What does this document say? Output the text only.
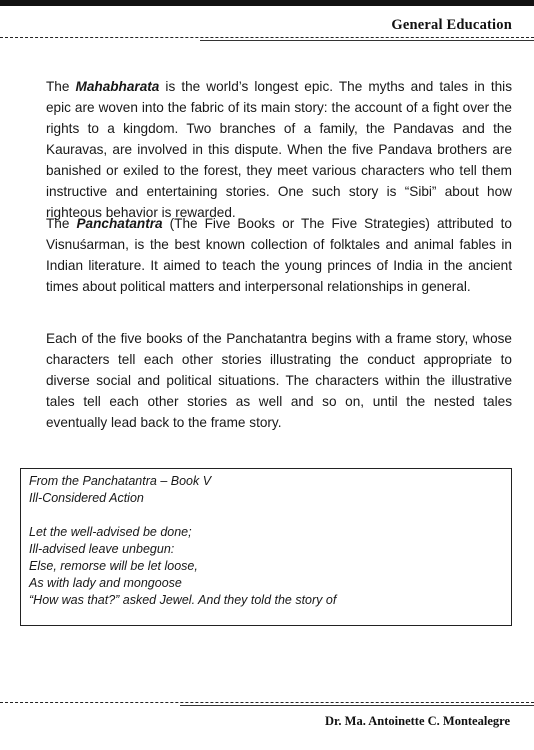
General Education

The Mahabharata is the world’s longest epic. The myths and tales in this epic are woven into the fabric of its main story: the account of a fight over the rights to a kingdom. Two branches of a family, the Pandavas and the Kauravas, are involved in this dispute. When the five Pandava brothers are banished or exiled to the forest, they meet various characters who tell them instructive and entertaining stories. One such story is “Sibi” about how righteous behavior is rewarded.

The Panchatantra (The Five Books or The Five Strategies) attributed to Visnuśarman, is the best known collection of folktales and animal fables in Indian literature. It aimed to teach the young princes of India in the ancient times about political matters and interpersonal relationships in general.

Each of the five books of the Panchatantra begins with a frame story, whose characters tell each other stories illustrating the conduct appropriate to diverse social and political situations. The characters within the illustrative tales tell each other stories as well and so on, until the nested tales eventually lead back to the frame story.

From the Panchatantra – Book V
Ill-Considered Action
Let the well-advised be done;
Ill-advised leave unbegun:
Else, remorse will be let loose,
As with lady and mongoose
“How was that?” asked Jewel. And they told the story of
Dr. Ma. Antoinette C. Montealegre
